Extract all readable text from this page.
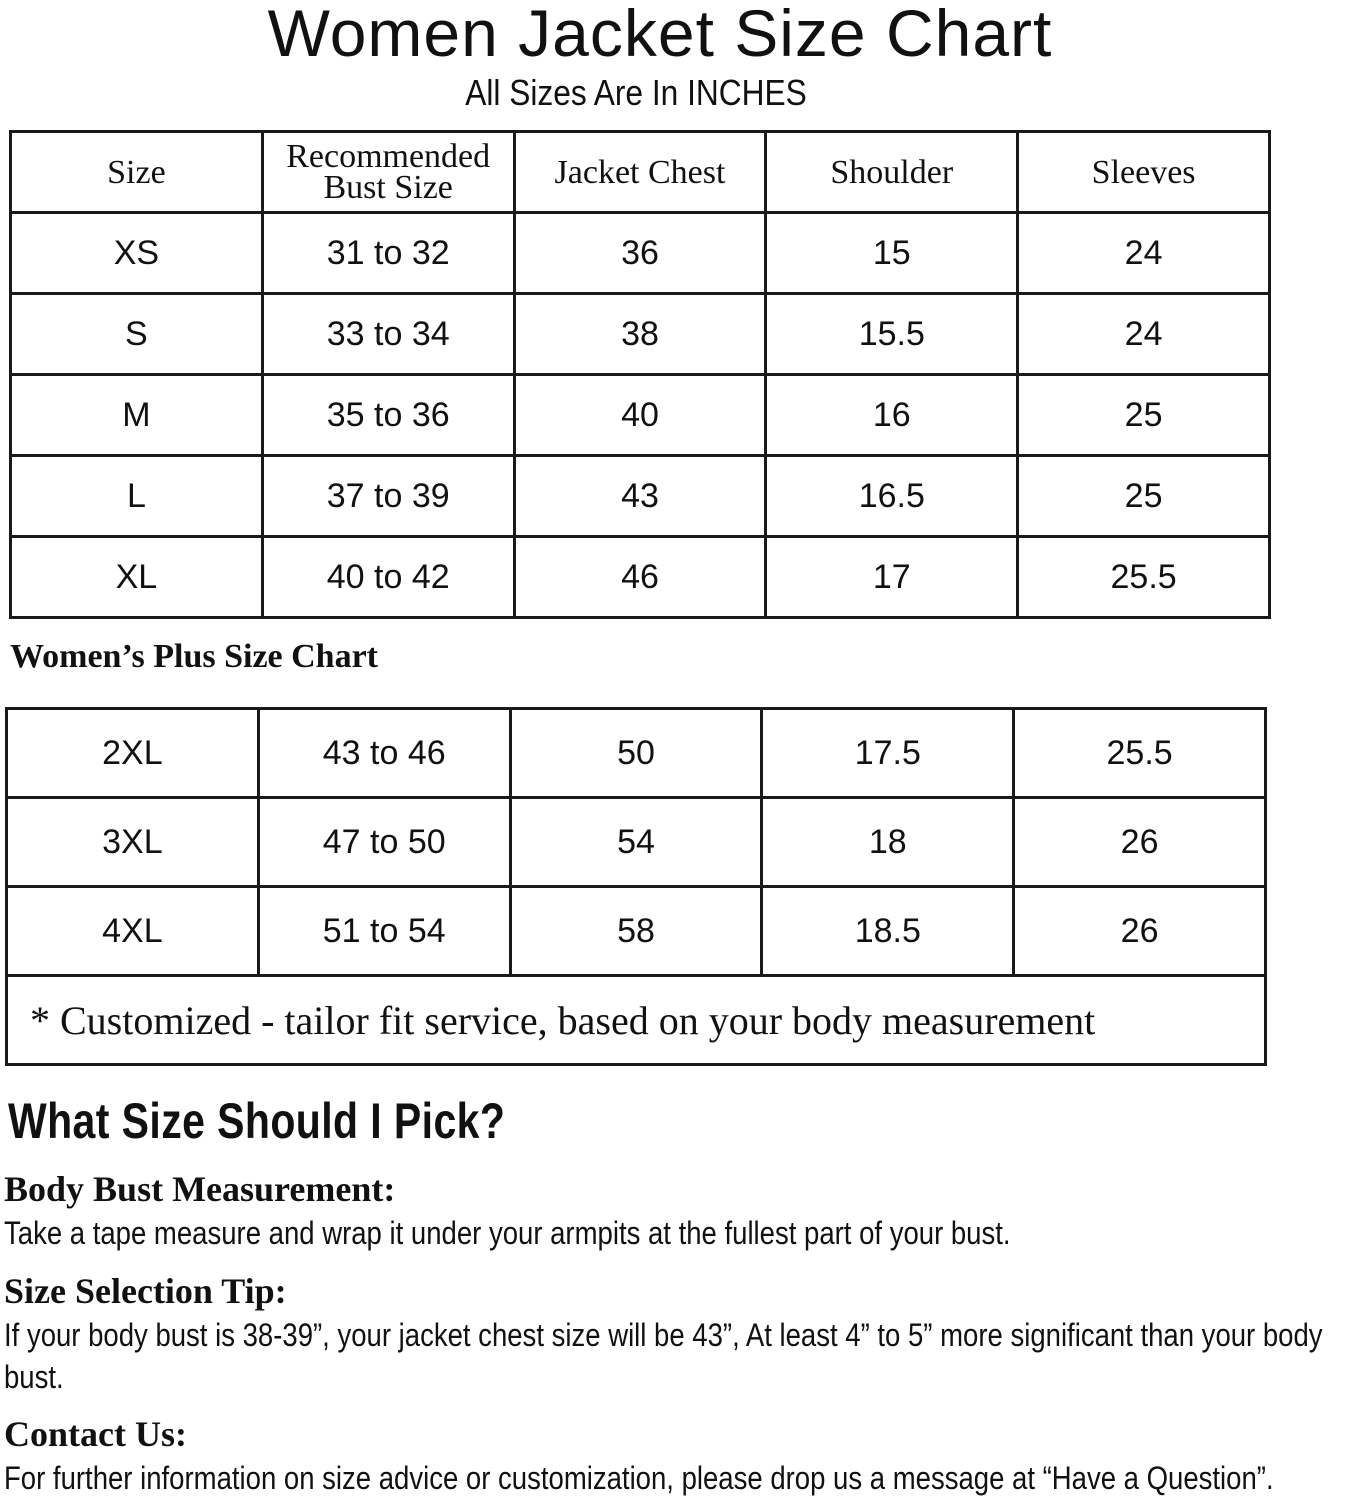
Women Jacket Size Chart
All Sizes Are In INCHES
Size	Recommended Bust Size	Jacket Chest	Shoulder	Sleeves
XS	31 to 32	36	15	24
S	33 to 34	38	15.5	24
M	35 to 36	40	16	25
L	37 to 39	43	16.5	25
XL	40 to 42	46	17	25.5
Women’s Plus Size Chart
2XL	43 to 46	50	17.5	25.5
3XL	47 to 50	54	18	26
4XL	51 to 54	58	18.5	26
* Customized - tailor fit service, based on your body measurement				
What Size Should I Pick?
Body Bust Measurement:
Take a tape measure and wrap it under your armpits at the fullest part of your bust.
Size Selection Tip:
If your body bust is 38-39”, your jacket chest size will be 43”, At least 4” to 5” more significant than your body bust.
Contact Us:
For further information on size advice or customization, please drop us a message at “Have a Question”.
